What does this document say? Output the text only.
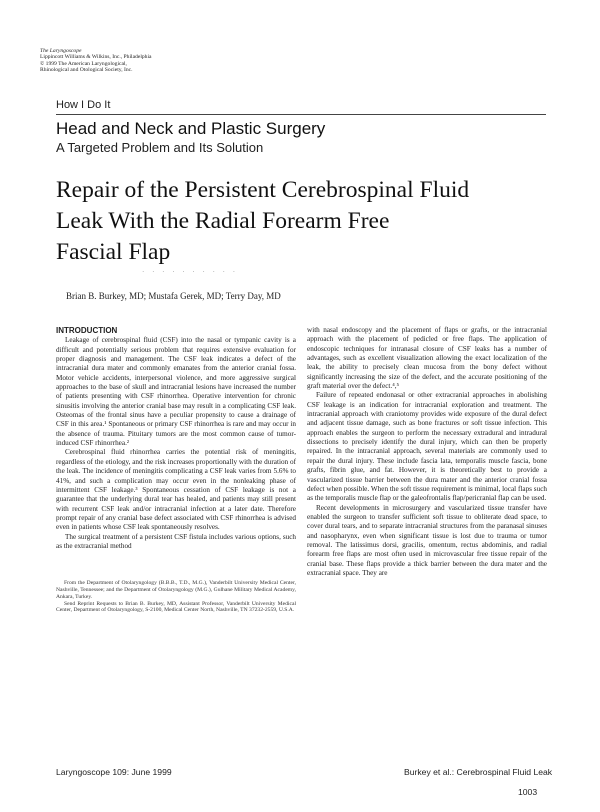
The Laryngoscope
Lippincott Williams & Wilkins, Inc., Philadelphia
© 1999 The American Laryngological,
Rhinological and Otological Society, Inc.
How I Do It
Head and Neck and Plastic Surgery
A Targeted Problem and Its Solution
Repair of the Persistent Cerebrospinal Fluid
Leak With the Radial Forearm Free
Fascial Flap
· · · · · · · · · ·
Brian B. Burkey, MD; Mustafa Gerek, MD; Terry Day, MD
INTRODUCTION

Leakage of cerebrospinal fluid (CSF) into the nasal or tympanic cavity is a difficult and potentially serious problem that requires extensive evaluation for proper diagnosis and management. The CSF leak indicates a defect of the intracranial dura mater and commonly emanates from the anterior cranial fossa. Motor vehicle accidents, interpersonal violence, and more aggressive surgical approaches to the base of skull and intracranial lesions have increased the number of patients presenting with CSF rhinorrhea. Operative intervention for chronic sinusitis involving the anterior cranial base may result in a complicating CSF leak. Osteomas of the frontal sinus have a peculiar propensity to cause a drainage of CSF in this area.¹ Spontaneous or primary CSF rhinorrhea is rare and may occur in the absence of trauma. Pituitary tumors are the most common cause of tumor-induced CSF rhinorrhea.²

Cerebrospinal fluid rhinorrhea carries the potential risk of meningitis, regardless of the etiology, and the risk increases proportionally with the duration of the leak. The incidence of meningitis complicating a CSF leak varies from 5.6% to 41%, and such a complication may occur even in the nonleaking phase of intermittent CSF leakage.³ Spontaneous cessation of CSF leakage is not a guarantee that the underlying dural tear has healed, and patients may still present with recurrent CSF leak and/or intracranial infection at a later date. Therefore prompt repair of any cranial base defect associated with CSF rhinorrhea is advised even in patients whose CSF leak spontaneously resolves.

The surgical treatment of a persistent CSF fistula includes various options, such as the extracranial method

From the Department of Otolaryngology (B.B.B., T.D., M.G.), Vanderbilt University Medical Center, Nashville, Tennessee; and the Department of Otolaryngology (M.G.), Gulhane Military Medical Academy, Ankara, Turkey.
Send Reprint Requests to Brian B. Burkey, MD, Assistant Professor, Vanderbilt University Medical Center, Department of Otolaryngology, S-2100, Medical Center North, Nashville, TN 37232-2559, U.S.A.

with nasal endoscopy and the placement of flaps or grafts, or the intracranial approach with the placement of pedicled or free flaps. The application of endoscopic techniques for intranasal closure of CSF leaks has a number of advantages, such as excellent visualization allowing the exact localization of the leak, the ability to precisely clean mucosa from the bony defect without significantly increasing the size of the defect, and the accurate positioning of the graft material over the defect.⁴,⁵

Failure of repeated endonasal or other extracranial approaches in abolishing CSF leakage is an indication for intracranial exploration and treatment. The intracranial approach with craniotomy provides wide exposure of the dural defect and adjacent tissue damage, such as bone fractures or soft tissue infection. This approach enables the surgeon to perform the necessary extradural and intradural dissections to precisely identify the dural injury, which can then be properly repaired. In the intracranial approach, several materials are commonly used to repair the dural injury. These include fascia lata, temporalis muscle fascia, bone grafts, fibrin glue, and fat. However, it is theoretically best to provide a vascularized tissue barrier between the dura mater and the anterior cranial fossa defect when possible. When the soft tissue requirement is minimal, local flaps such as the temporalis muscle flap or the galeofrontalis flap/pericranial flap can be used.

Recent developments in microsurgery and vascularized tissue transfer have enabled the surgeon to transfer sufficient soft tissue to obliterate dead space, to cover dural tears, and to separate intracranial structures from the paranasal sinuses and nasopharynx, even when significant tissue is lost due to trauma or tumor removal. The latissimus dorsi, gracilis, omentum, rectus abdominis, and radial forearm free flaps are most often used in microvascular free tissue repair of the cranial base. These flaps provide a thick barrier between the dura mater and the extracranial space. They are

Laryngoscope 109: June 1999	Burkey et al.: Cerebrospinal Fluid Leak
1003
